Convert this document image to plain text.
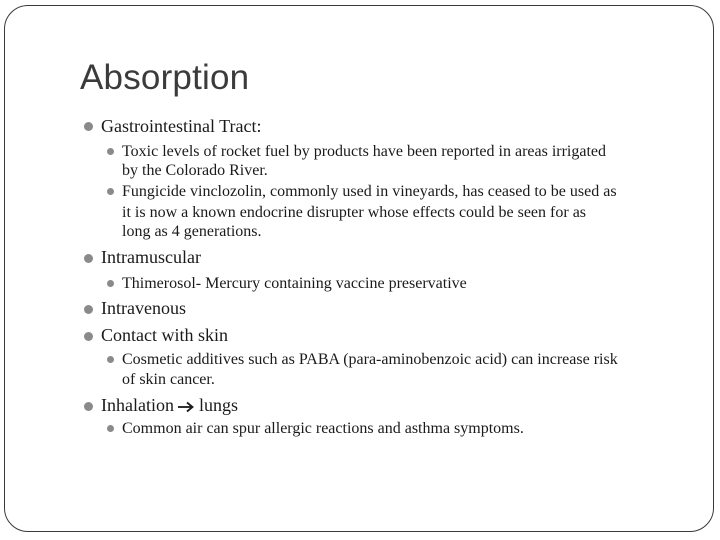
Absorption
Gastrointestinal Tract:
Toxic levels of rocket fuel by products have been reported in areas irrigated
by the Colorado River.
Fungicide vinclozolin, commonly used in vineyards, has ceased to be used as
it is now a known endocrine disrupter whose effects could be seen for as
long as 4 generations.
Intramuscular
Thimerosol- Mercury containing vaccine preservative
Intravenous
Contact with skin
Cosmetic additives such as PABA (para-aminobenzoic acid) can increase risk
of skin cancer.
Inhalation lungs
Common air can spur allergic reactions and asthma symptoms.
